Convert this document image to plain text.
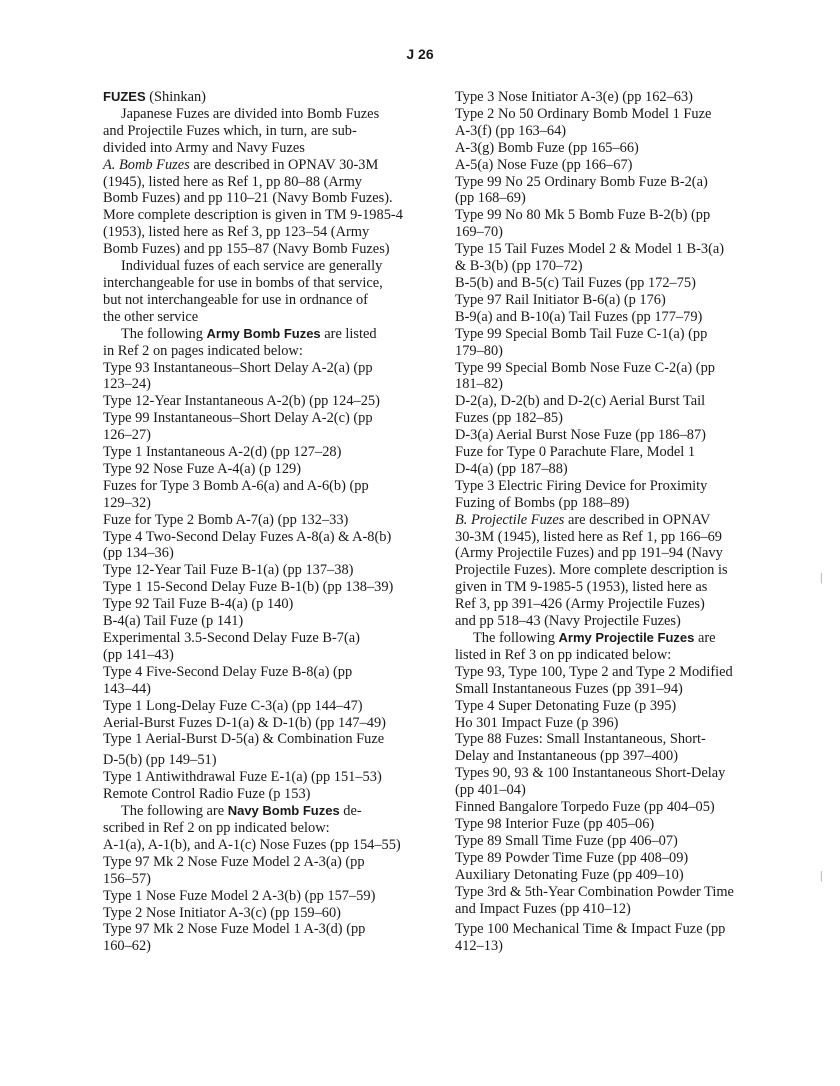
J 26
FUZES (Shinkan)
Japanese Fuzes are divided into Bomb Fuzes
and Projectile Fuzes which, in turn, are sub-
divided into Army and Navy Fuzes
A. Bomb Fuzes are described in OPNAV 30-3M
(1945), listed here as Ref 1, pp 80–88 (Army
Bomb Fuzes) and pp 110–21 (Navy Bomb Fuzes).
More complete description is given in TM 9-1985-4
(1953), listed here as Ref 3, pp 123–54 (Army
Bomb Fuzes) and pp 155–87 (Navy Bomb Fuzes)
Individual fuzes of each service are generally
interchangeable for use in bombs of that service,
but not interchangeable for use in ordnance of
the other service
The following Army Bomb Fuzes are listed
in Ref 2 on pages indicated below:
Type 93 Instantaneous–Short Delay A-2(a) (pp
123–24)
Type 12-Year Instantaneous A-2(b) (pp 124–25)
Type 99 Instantaneous–Short Delay A-2(c) (pp
126–27)
Type 1 Instantaneous A-2(d) (pp 127–28)
Type 92 Nose Fuze A-4(a) (p 129)
Fuzes for Type 3 Bomb A-6(a) and A-6(b) (pp
129–32)
Fuze for Type 2 Bomb A-7(a) (pp 132–33)
Type 4 Two-Second Delay Fuzes A-8(a) & A-8(b)
(pp 134–36)
Type 12-Year Tail Fuze B-1(a) (pp 137–38)
Type 1 15-Second Delay Fuze B-1(b) (pp 138–39)
Type 92 Tail Fuze B-4(a) (p 140)
B-4(a) Tail Fuze (p 141)
Experimental 3.5-Second Delay Fuze B-7(a)
(pp 141–43)
Type 4 Five-Second Delay Fuze B-8(a) (pp
143–44)
Type 1 Long-Delay Fuze C-3(a) (pp 144–47)
Aerial-Burst Fuzes D-1(a) & D-1(b) (pp 147–49)
Type 1 Aerial-Burst D-5(a) & Combination Fuze
D-5(b) (pp 149–51)
Type 1 Antiwithdrawal Fuze E-1(a) (pp 151–53)
Remote Control Radio Fuze (p 153)
The following are Navy Bomb Fuzes de-
scribed in Ref 2 on pp indicated below:
A-1(a), A-1(b), and A-1(c) Nose Fuzes (pp 154–55)
Type 97 Mk 2 Nose Fuze Model 2 A-3(a) (pp
156–57)
Type 1 Nose Fuze Model 2 A-3(b) (pp 157–59)
Type 2 Nose Initiator A-3(c) (pp 159–60)
Type 97 Mk 2 Nose Fuze Model 1 A-3(d) (pp
160–62)
Type 3 Nose Initiator A-3(e) (pp 162–63)
Type 2 No 50 Ordinary Bomb Model 1 Fuze
A-3(f) (pp 163–64)
A-3(g) Bomb Fuze (pp 165–66)
A-5(a) Nose Fuze (pp 166–67)
Type 99 No 25 Ordinary Bomb Fuze B-2(a)
(pp 168–69)
Type 99 No 80 Mk 5 Bomb Fuze B-2(b) (pp
169–70)
Type 15 Tail Fuzes Model 2 & Model 1 B-3(a)
& B-3(b) (pp 170–72)
B-5(b) and B-5(c) Tail Fuzes (pp 172–75)
Type 97 Rail Initiator B-6(a) (p 176)
B-9(a) and B-10(a) Tail Fuzes (pp 177–79)
Type 99 Special Bomb Tail Fuze C-1(a) (pp
179–80)
Type 99 Special Bomb Nose Fuze C-2(a) (pp
181–82)
D-2(a), D-2(b) and D-2(c) Aerial Burst Tail
Fuzes (pp 182–85)
D-3(a) Aerial Burst Nose Fuze (pp 186–87)
Fuze for Type 0 Parachute Flare, Model 1
D-4(a) (pp 187–88)
Type 3 Electric Firing Device for Proximity
Fuzing of Bombs (pp 188–89)
B. Projectile Fuzes are described in OPNAV
30-3M (1945), listed here as Ref 1, pp 166–69
(Army Projectile Fuzes) and pp 191–94 (Navy
Projectile Fuzes). More complete description is
given in TM 9-1985-5 (1953), listed here as
Ref 3, pp 391–426 (Army Projectile Fuzes)
and pp 518–43 (Navy Projectile Fuzes)
The following Army Projectile Fuzes are
listed in Ref 3 on pp indicated below:
Type 93, Type 100, Type 2 and Type 2 Modified
Small Instantaneous Fuzes (pp 391–94)
Type 4 Super Detonating Fuze (p 395)
Ho 301 Impact Fuze (p 396)
Type 88 Fuzes: Small Instantaneous, Short-
Delay and Instantaneous (pp 397–400)
Types 90, 93 & 100 Instantaneous Short-Delay
(pp 401–04)
Finned Bangalore Torpedo Fuze (pp 404–05)
Type 98 Interior Fuze (pp 405–06)
Type 89 Small Time Fuze (pp 406–07)
Type 89 Powder Time Fuze (pp 408–09)
Auxiliary Detonating Fuze (pp 409–10)
Type 3rd & 5th-Year Combination Powder Time
and Impact Fuzes (pp 410–12)
Type 100 Mechanical Time & Impact Fuze (pp
412–13)
|
|
